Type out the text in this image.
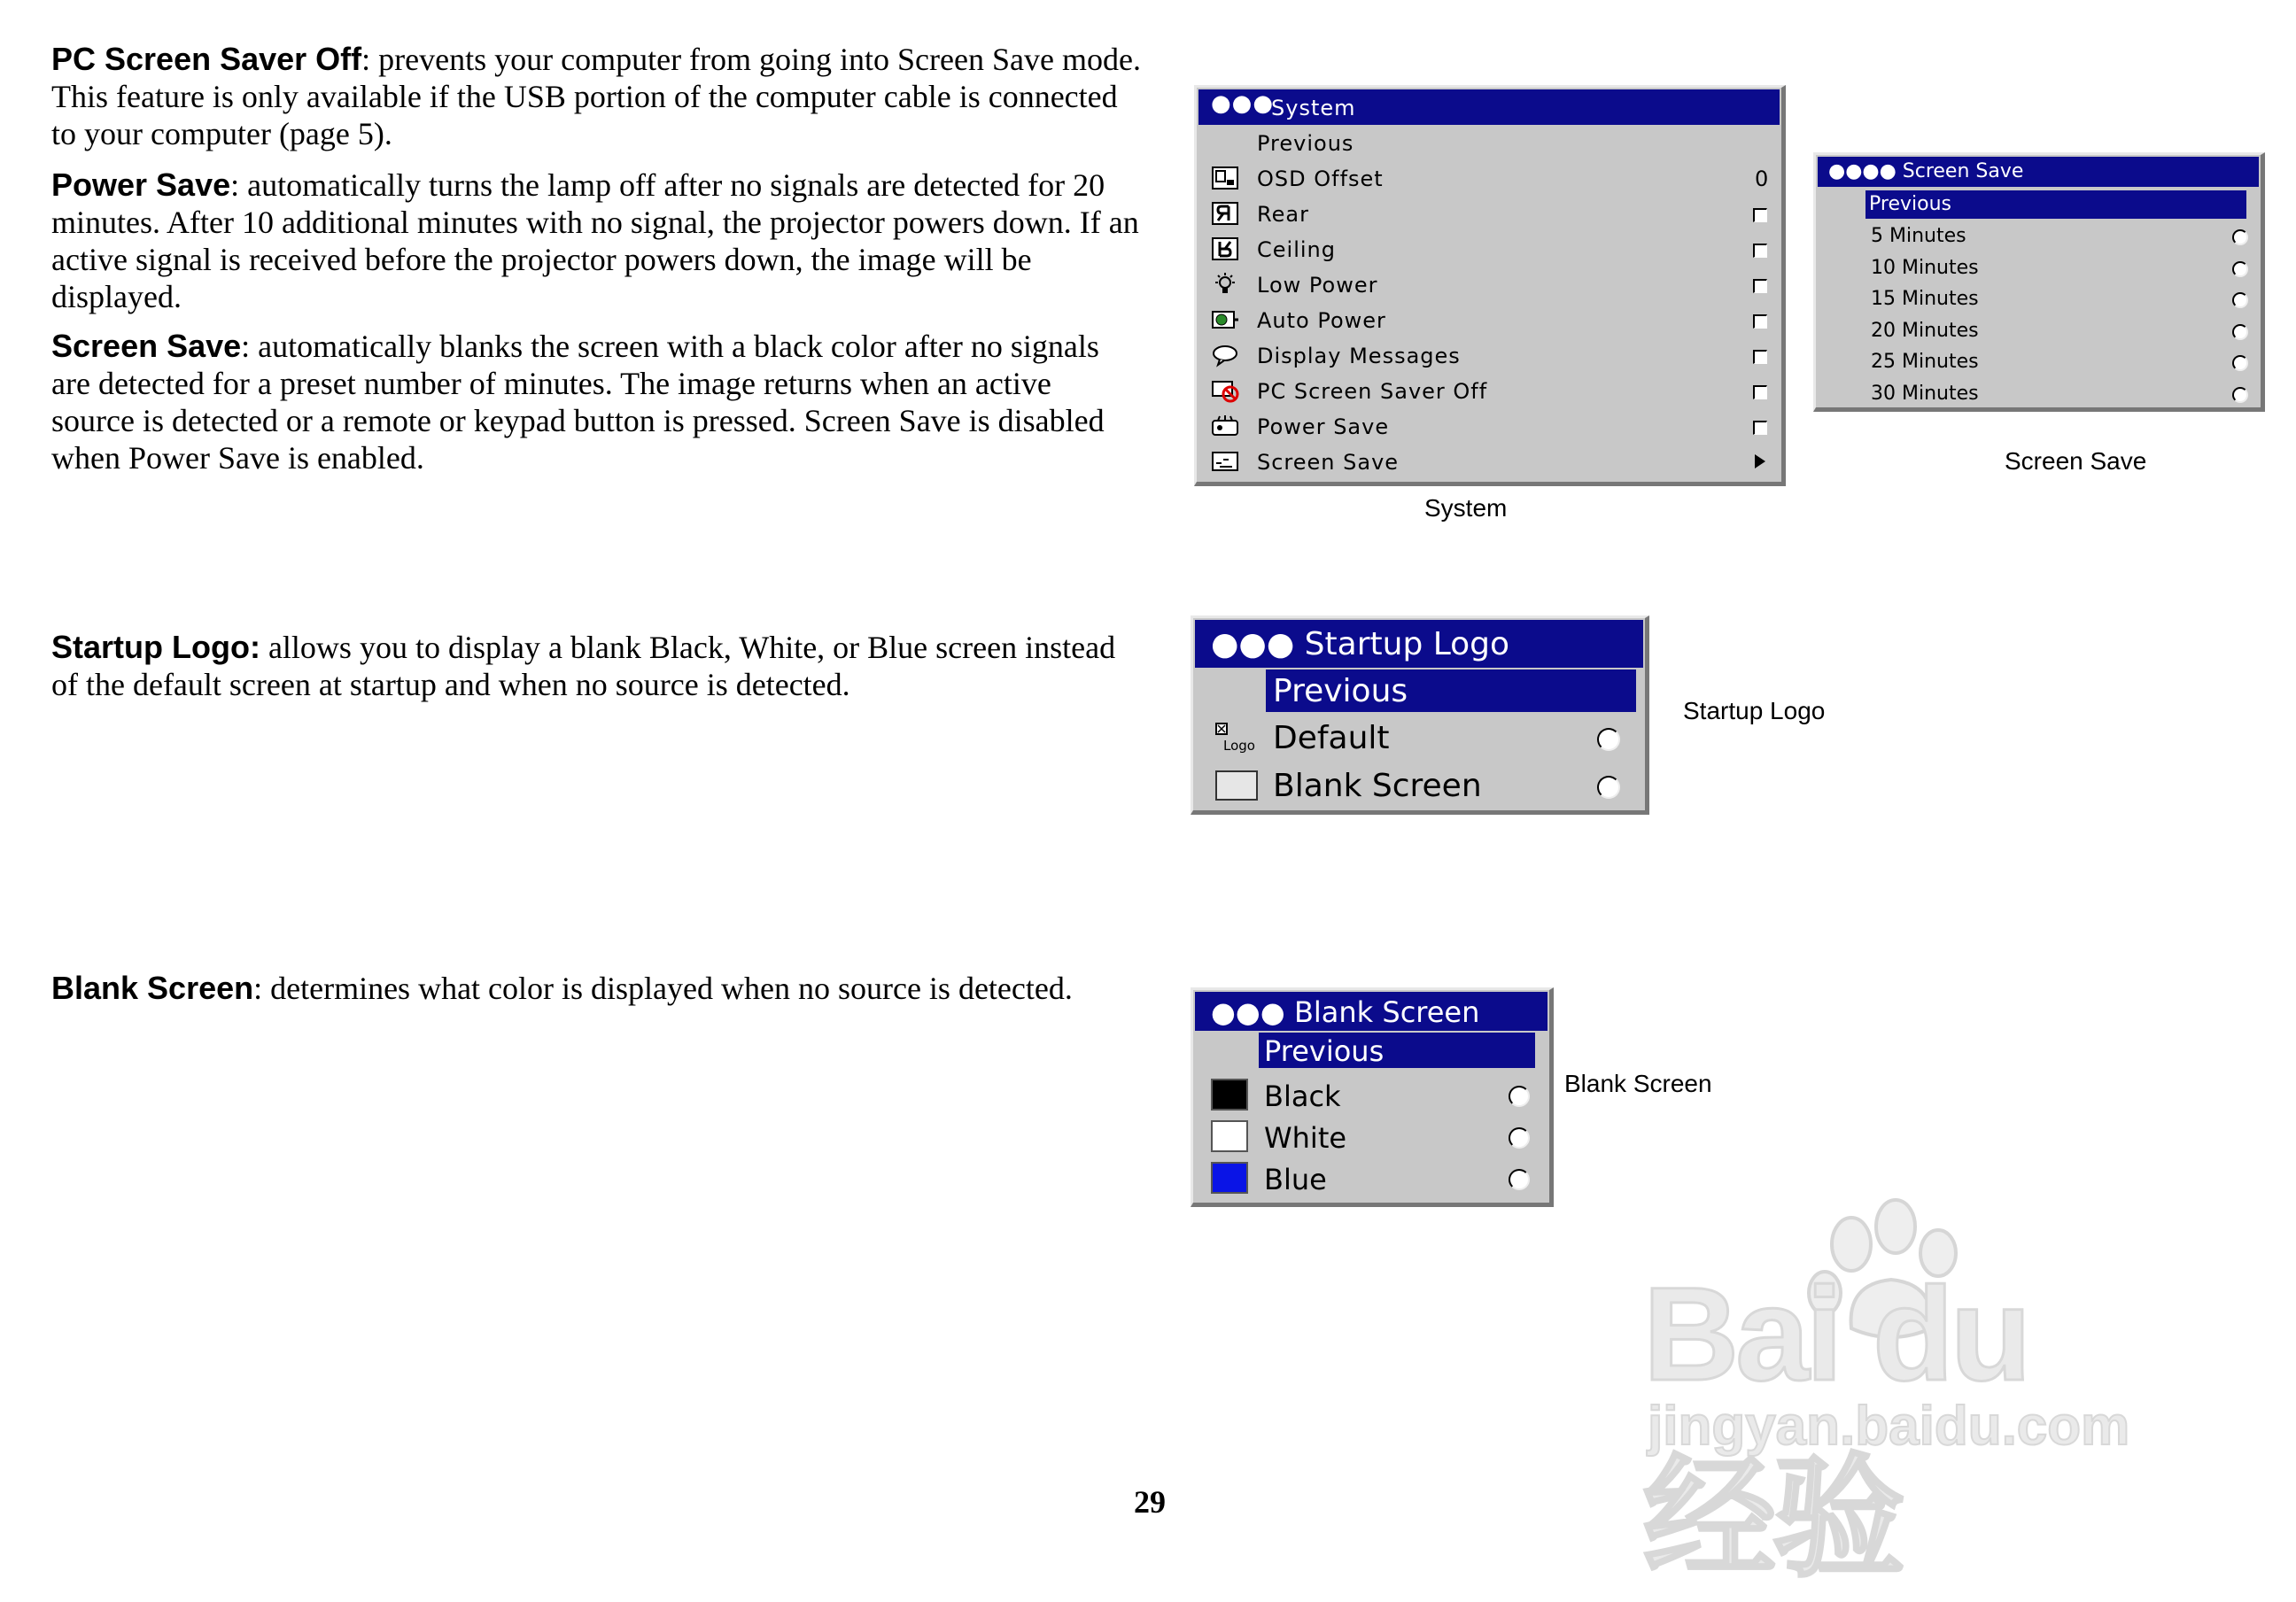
PC Screen Saver Off: prevents your computer from going into Screen Save mode. This feature is only available if the USB portion of the computer cable is connected to your computer (page 5).

Power Save: automatically turns the lamp off after no signals are detected for 20 minutes. After 10 additional minutes with no signal, the projector powers down. If an active signal is received before the projector powers down, the image will be displayed.

Screen Save: automatically blanks the screen with a black color after no signals are detected for a preset number of minutes. The image returns when an active source is detected or a remote or keypad button is pressed. Screen Save is disabled when Power Save is enabled.

Startup Logo: allows you to display a blank Black, White, or Blue screen instead of the default screen at startup and when no source is detected.

Blank Screen: determines what color is displayed when no source is detected.

●●●
System
Previous
OSD Offset	0
Rear
Ceiling
Low Power
Auto Power
Display Messages
PC Screen Saver Off
Power Save
Screen Save
System
●●●● Screen Save
Previous
5 Minutes
10 Minutes
15 Minutes
20 Minutes
25 Minutes
30 Minutes
Screen Save
●●● Startup Logo
Previous
Logo Default
Blank Screen
Startup Logo
●●● Blank Screen
Previous
Black
White
Blue
Blank Screen
29
Bai du 经验
jingyan.baidu.com
